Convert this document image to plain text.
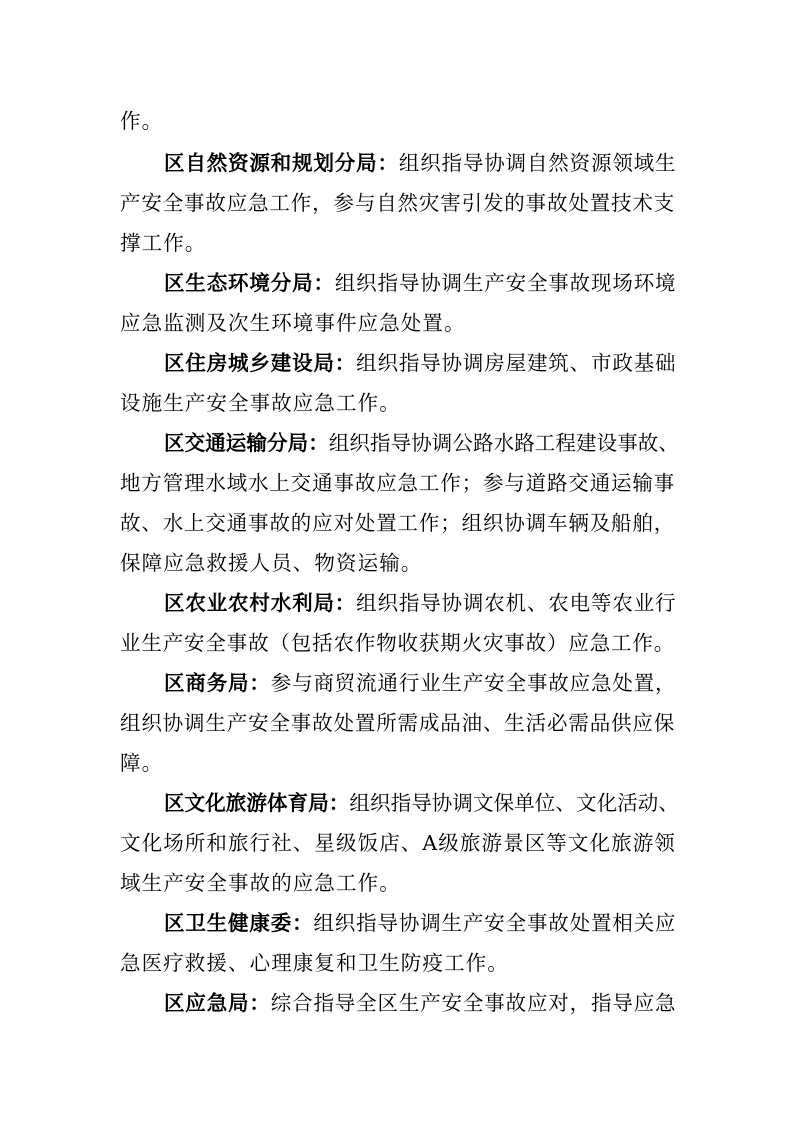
作。
区自然资源和规划分局：组织指导协调自然资源领域生
产安全事故应急工作，参与自然灾害引发的事故处置技术支
撑工作。
区生态环境分局：组织指导协调生产安全事故现场环境
应急监测及次生环境事件应急处置。
区住房城乡建设局：组织指导协调房屋建筑、市政基础
设施生产安全事故应急工作。
区交通运输分局：组织指导协调公路水路工程建设事故、
地方管理水域水上交通事故应急工作；参与道路交通运输事
故、水上交通事故的应对处置工作；组织协调车辆及船舶，
保障应急救援人员、物资运输。
区农业农村水利局：组织指导协调农机、农电等农业行
业生产安全事故（包括农作物收获期火灾事故）应急工作。
区商务局：参与商贸流通行业生产安全事故应急处置，
组织协调生产安全事故处置所需成品油、生活必需品供应保
障。
区文化旅游体育局：组织指导协调文保单位、文化活动、
文化场所和旅行社、星级饭店、A级旅游景区等文化旅游领
域生产安全事故的应急工作。
区卫生健康委：组织指导协调生产安全事故处置相关应
急医疗救援、心理康复和卫生防疫工作。
区应急局：综合指导全区生产安全事故应对，指导应急
